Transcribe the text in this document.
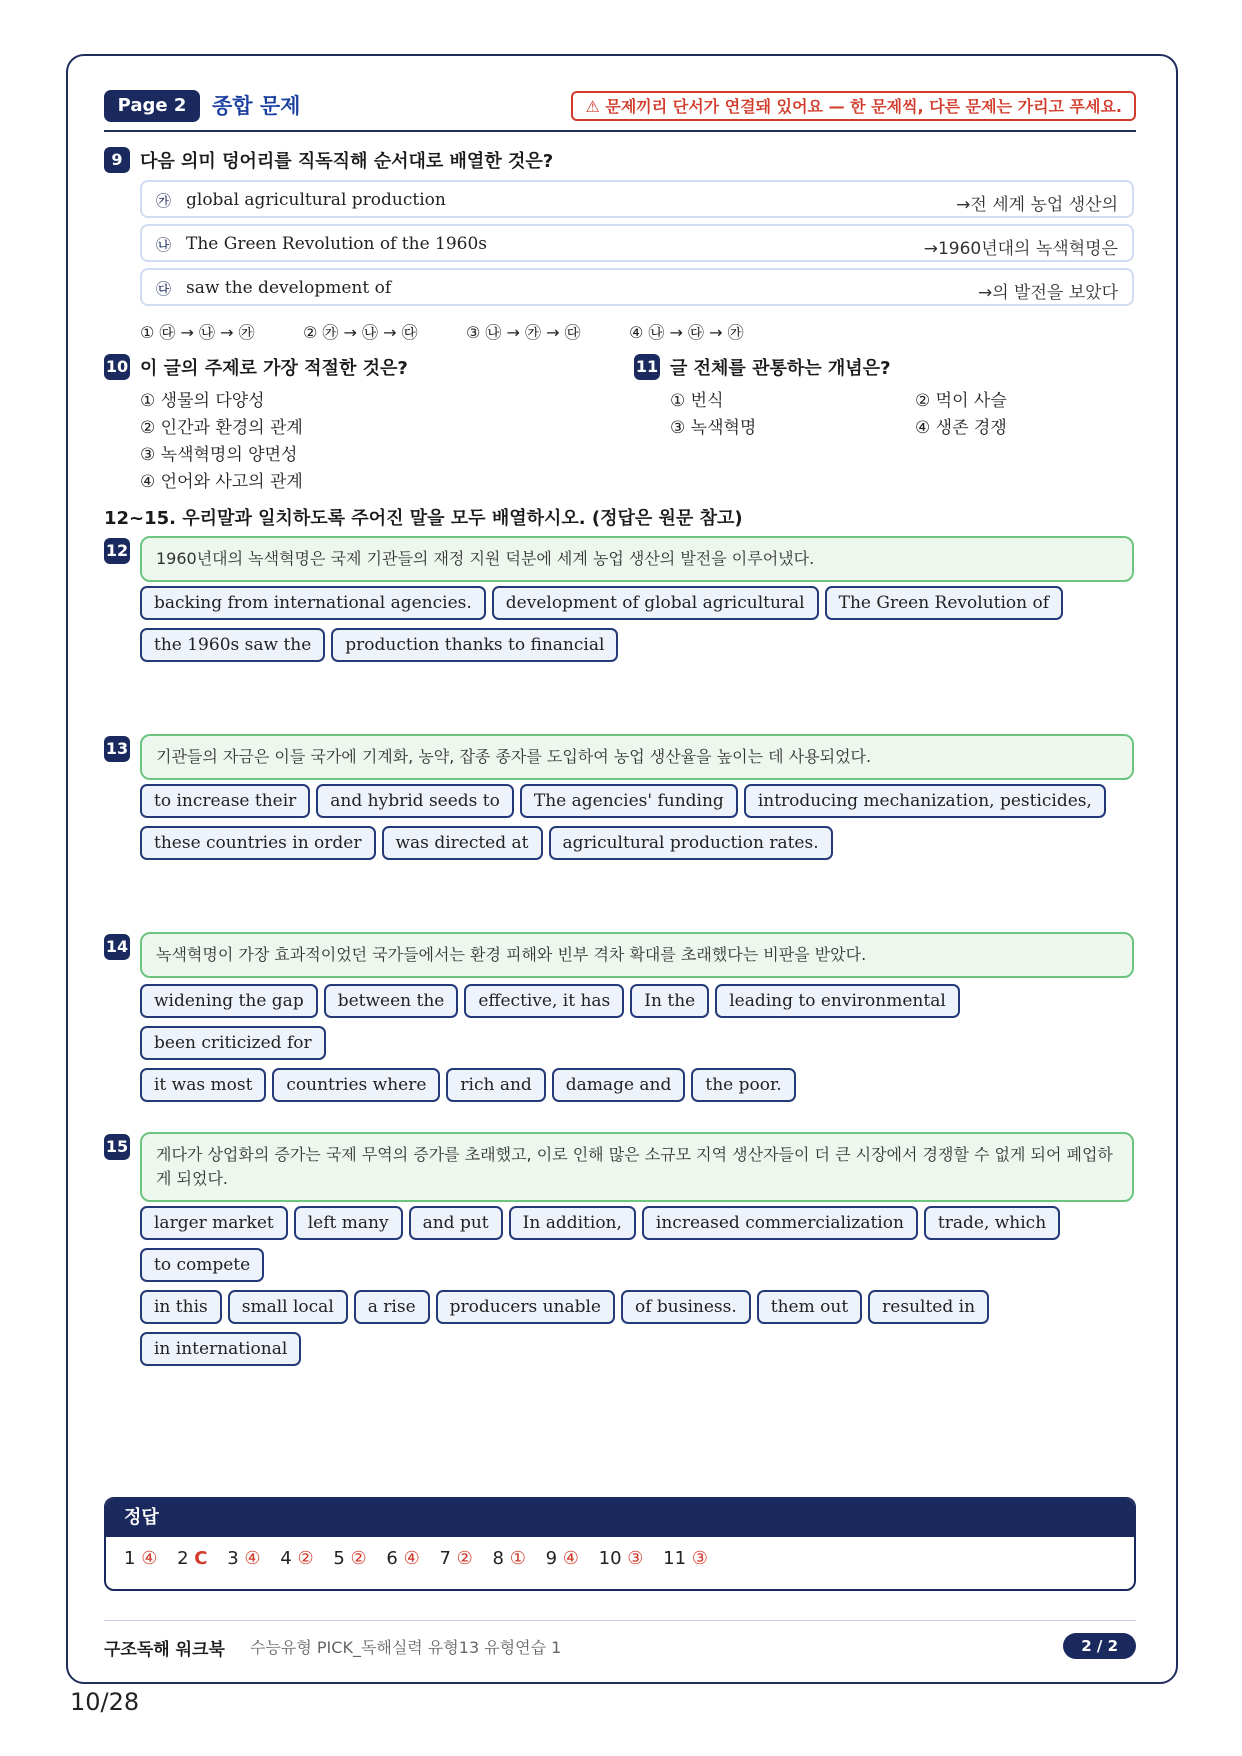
Page 2	종합 문제	⚠ 문제끼리 단서가 연결돼 있어요 — 한 문제씩, 다른 문제는 가리고 푸세요.
9 다음 의미 덩어리를 직독직해 순서대로 배열한 것은?
㉮ global agricultural production	→전 세계 농업 생산의
㉯ The Green Revolution of the 1960s	→1960년대의 녹색혁명은
㉰ saw the development of	→의 발전을 보았다
① ㉰ → ㉯ → ㉮	② ㉮ → ㉯ → ㉰	③ ㉯ → ㉮ → ㉰	④ ㉯ → ㉰ → ㉮
10 이 글의 주제로 가장 적절한 것은?
① 생물의 다양성
② 인간과 환경의 관계
③ 녹색혁명의 양면성
④ 언어와 사고의 관계
11 글 전체를 관통하는 개념은?
① 번식	② 먹이 사슬
③ 녹색혁명	④ 생존 경쟁
12~15. 우리말과 일치하도록 주어진 말을 모두 배열하시오. (정답은 원문 참고)
12	1960년대의 녹색혁명은 국제 기관들의 재정 지원 덕분에 세계 농업 생산의 발전을 이루어냈다.
backing from international agencies. development of global agricultural The Green Revolution of
the 1960s saw the production thanks to financial
13	기관들의 자금은 이들 국가에 기계화, 농약, 잡종 종자를 도입하여 농업 생산율을 높이는 데 사용되었다.
to increase their and hybrid seeds to The agencies' funding introducing mechanization, pesticides,
these countries in order was directed at agricultural production rates.
14	녹색혁명이 가장 효과적이었던 국가들에서는 환경 피해와 빈부 격차 확대를 초래했다는 비판을 받았다.
widening the gap between the effective, it has In the leading to environmentalbeen criticized for
it was most countries where rich and damage and the poor.
15	게다가 상업화의 증가는 국제 무역의 증가를 초래했고, 이로 인해 많은 소규모 지역 생산자들이 더 큰 시장에서 경쟁할 수 없게 되어 폐업하게 되었다.
larger market left many and put In addition, increased commercialization trade, whichto compete
in this small local a rise producers unable of business. them out resulted inin international
정답
1 ④ 2 C 3 ④ 4 ② 5 ② 6 ④ 7 ② 8 ① 9 ④ 10 ③ 11 ③
구조독해 워크북 수능유형 PICK_독해실력 유형13 유형연습 1	2 / 2
10/28
